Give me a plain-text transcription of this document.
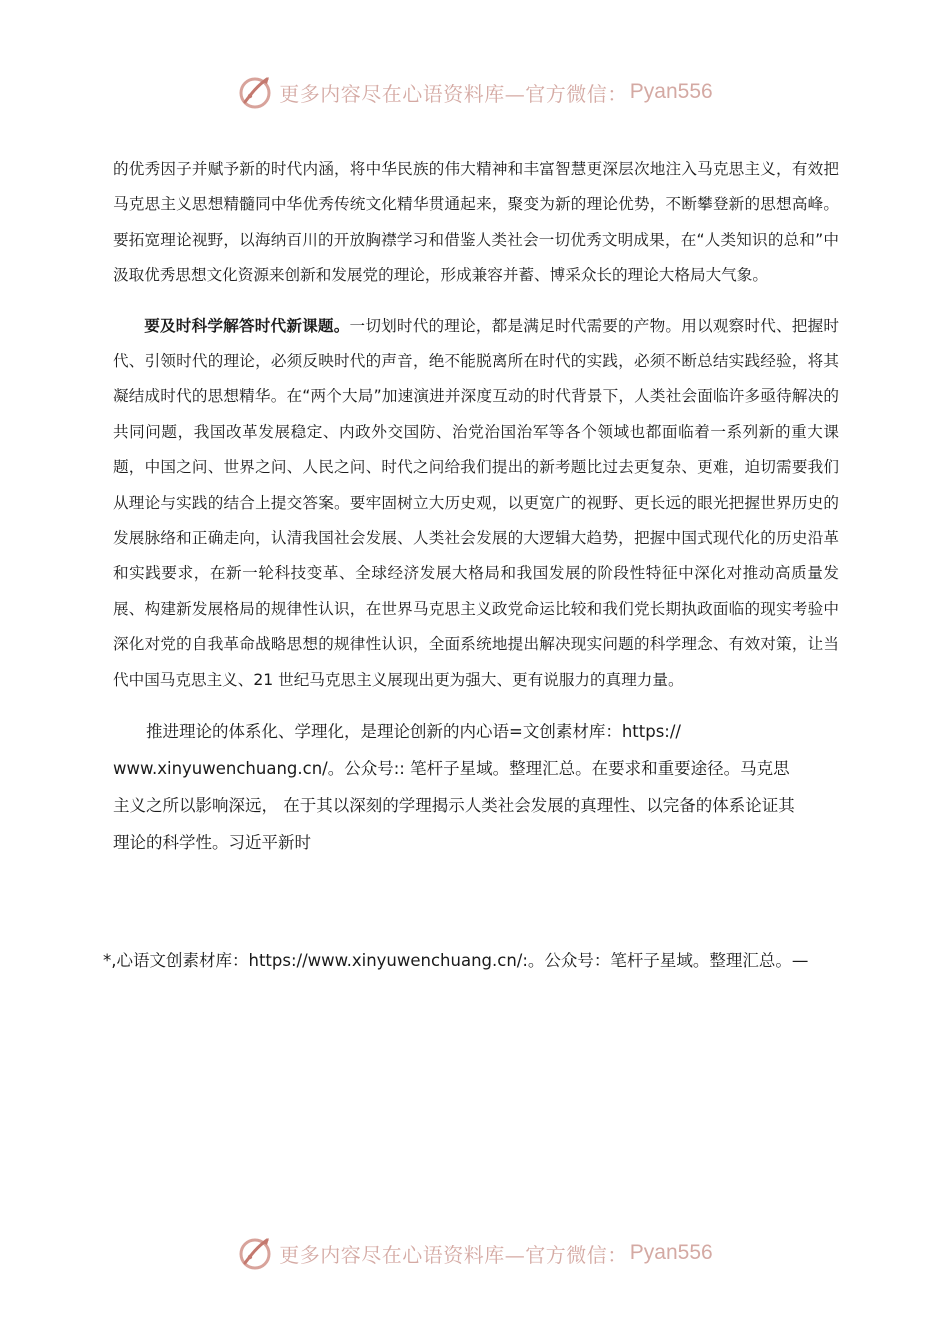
更多内容尽在心语资料库—官方微信： Pyan556

的优秀因子并赋予新的时代内涵，将中华民族的伟大精神和丰富智慧更深层次地注入马克思主义，有效把马克思主义思想精髓同中华优秀传统文化精华贯通起来，聚变为新的理论优势，不断攀登新的思想高峰。要拓宽理论视野，以海纳百川的开放胸襟学习和借鉴人类社会一切优秀文明成果，在“人类知识的总和”中汲取优秀思想文化资源来创新和发展党的理论，形成兼容并蓄、博采众长的理论大格局大气象。

要及时科学解答时代新课题。一切划时代的理论，都是满足时代需要的产物。用以观察时代、把握时代、引领时代的理论，必须反映时代的声音，绝不能脱离所在时代的实践，必须不断总结实践经验，将其凝结成时代的思想精华。在“两个大局”加速演进并深度互动的时代背景下，人类社会面临许多亟待解决的共同问题，我国改革发展稳定、内政外交国防、治党治国治军等各个领域也都面临着一系列新的重大课题，中国之问、世界之问、人民之问、时代之问给我们提出的新考题比过去更复杂、更难，迫切需要我们从理论与实践的结合上提交答案。要牢固树立大历史观，以更宽广的视野、更长远的眼光把握世界历史的发展脉络和正确走向，认清我国社会发展、人类社会发展的大逻辑大趋势，把握中国式现代化的历史沿革和实践要求，在新一轮科技变革、全球经济发展大格局和我国发展的阶段性特征中深化对推动高质量发展、构建新发展格局的规律性认识，在世界马克思主义政党命运比较和我们党长期执政面临的现实考验中深化对党的自我革命战略思想的规律性认识，全面系统地提出解决现实问题的科学理念、有效对策，让当代中国马克思主义、21 世纪马克思主义展现出更为强大、更有说服力的真理力量。

推进理论的体系化、学理化，是理论创新的内心语=文创素材库：https://
www.xinyuwenchuang.cn/。公众号:: 笔杆子星域。整理汇总。在要求和重要途径。马克思
主义之所以影响深远， 在于其以深刻的学理揭示人类社会发展的真理性、以完备的体系论证其
理论的科学性。习近平新时
*,心语文创素材库：https://www.xinyuwenchuang.cn/:。公众号：笔杆子星域。整理汇总。—
更多内容尽在心语资料库—官方微信： Pyan556
